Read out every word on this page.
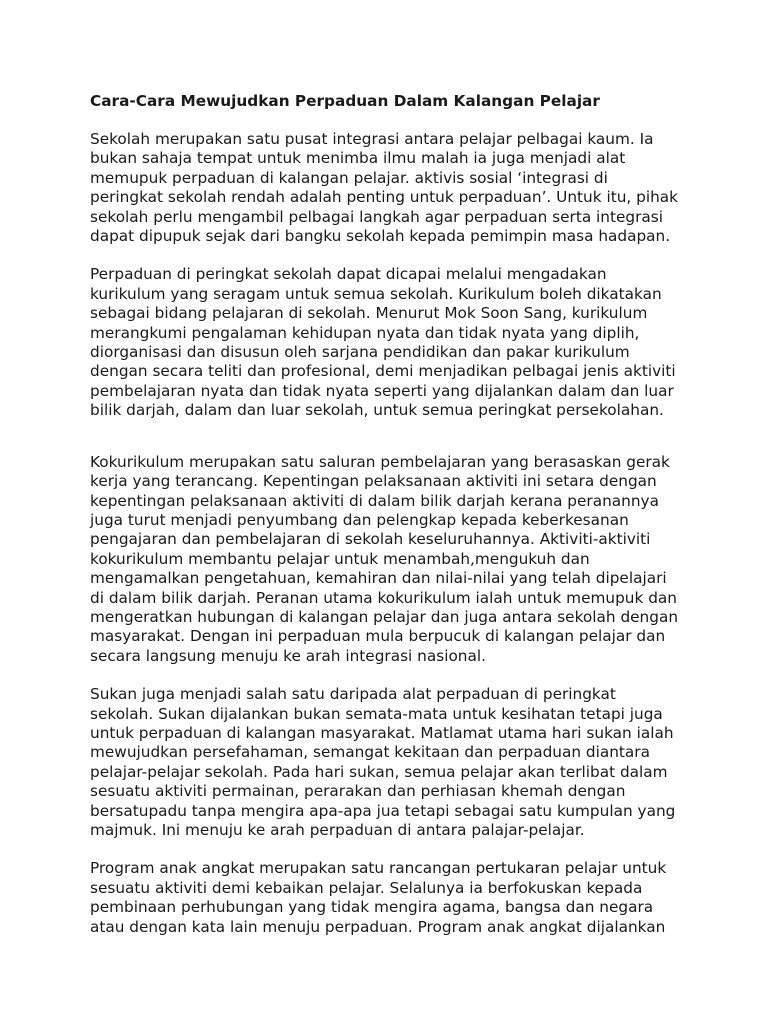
Cara-Cara Mewujudkan Perpaduan Dalam Kalangan Pelajar

Sekolah merupakan satu pusat integrasi antara pelajar pelbagai kaum. Ia
bukan sahaja tempat untuk menimba ilmu malah ia juga menjadi alat
memupuk perpaduan di kalangan pelajar. aktivis sosial ‘integrasi di
peringkat sekolah rendah adalah penting untuk perpaduan’. Untuk itu, pihak
sekolah perlu mengambil pelbagai langkah agar perpaduan serta integrasi
dapat dipupuk sejak dari bangku sekolah kepada pemimpin masa hadapan.

Perpaduan di peringkat sekolah dapat dicapai melalui mengadakan
kurikulum yang seragam untuk semua sekolah. Kurikulum boleh dikatakan
sebagai bidang pelajaran di sekolah. Menurut Mok Soon Sang, kurikulum
merangkumi pengalaman kehidupan nyata dan tidak nyata yang diplih,
diorganisasi dan disusun oleh sarjana pendidikan dan pakar kurikulum
dengan secara teliti dan profesional, demi menjadikan pelbagai jenis aktiviti
pembelajaran nyata dan tidak nyata seperti yang dijalankan dalam dan luar
bilik darjah, dalam dan luar sekolah, untuk semua peringkat persekolahan.

Kokurikulum merupakan satu saluran pembelajaran yang berasaskan gerak
kerja yang terancang. Kepentingan pelaksanaan aktiviti ini setara dengan
kepentingan pelaksanaan aktiviti di dalam bilik darjah kerana peranannya
juga turut menjadi penyumbang dan pelengkap kepada keberkesanan
pengajaran dan pembelajaran di sekolah keseluruhannya. Aktiviti-aktiviti
kokurikulum membantu pelajar untuk menambah,mengukuh dan
mengamalkan pengetahuan, kemahiran dan nilai-nilai yang telah dipelajari
di dalam bilik darjah. Peranan utama kokurikulum ialah untuk memupuk dan
mengeratkan hubungan di kalangan pelajar dan juga antara sekolah dengan
masyarakat. Dengan ini perpaduan mula berpucuk di kalangan pelajar dan
secara langsung menuju ke arah integrasi nasional.

Sukan juga menjadi salah satu daripada alat perpaduan di peringkat
sekolah. Sukan dijalankan bukan semata-mata untuk kesihatan tetapi juga
untuk perpaduan di kalangan masyarakat. Matlamat utama hari sukan ialah
mewujudkan persefahaman, semangat kekitaan dan perpaduan diantara
pelajar-pelajar sekolah. Pada hari sukan, semua pelajar akan terlibat dalam
sesuatu aktiviti permainan, perarakan dan perhiasan khemah dengan
bersatupadu tanpa mengira apa-apa jua tetapi sebagai satu kumpulan yang
majmuk. Ini menuju ke arah perpaduan di antara palajar-pelajar.

Program anak angkat merupakan satu rancangan pertukaran pelajar untuk
sesuatu aktiviti demi kebaikan pelajar. Selalunya ia berfokuskan kepada
pembinaan perhubungan yang tidak mengira agama, bangsa dan negara
atau dengan kata lain menuju perpaduan. Program anak angkat dijalankan
